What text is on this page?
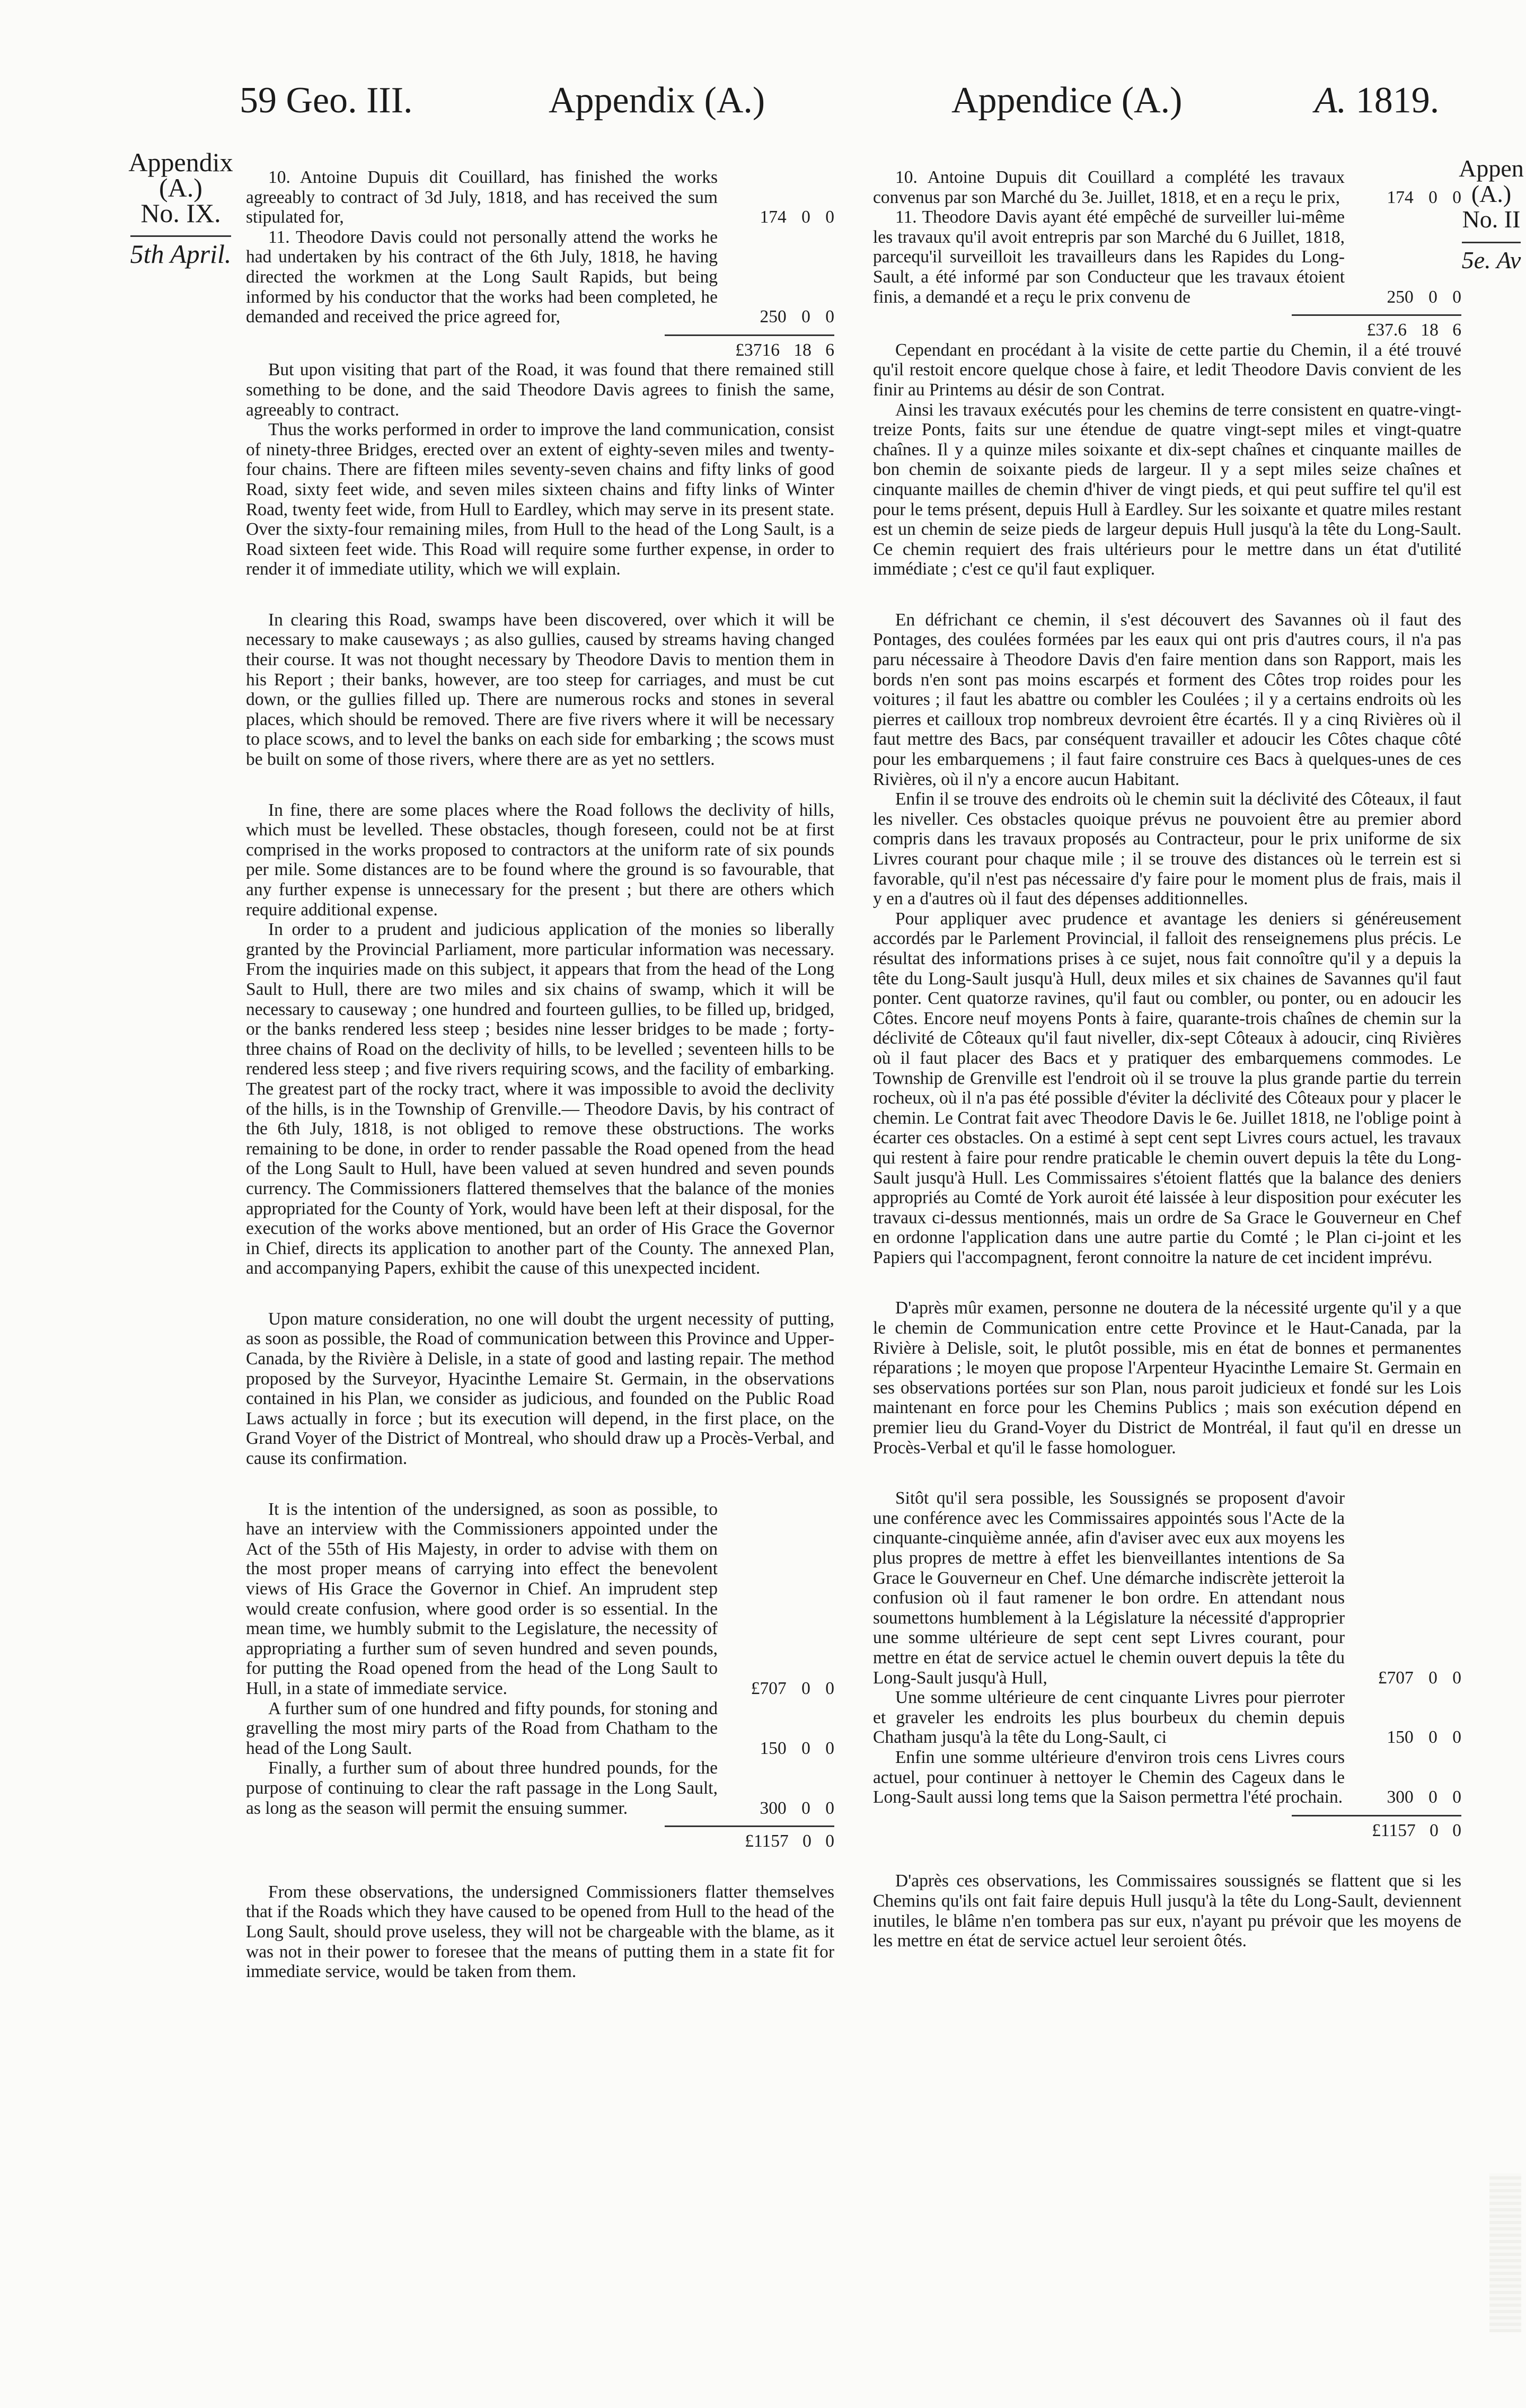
59 Geo. III.	Appendix (A.)	Appendice (A.)	A. 1819.
Appendix
(A.)
No. IX.
5th April.
Appen
(A.)
No. II
5e. Av

10. Antoine Dupuis dit Couillard, has finished the works agreeably to contract of 3d July, 1818, and has received the sum stipulated for,	174 0 0

11. Theodore Davis could not personally attend the works he had undertaken by his contract of the 6th July, 1818, he having directed the workmen at the Long Sault Rapids, but being informed by his conductor that the works had been completed, he demanded and received the price agreed for,	250 0 0
£3716 18 6

But upon visiting that part of the Road, it was found that there remained still something to be done, and the said Theodore Davis agrees to finish the same, agreeably to contract.

Thus the works performed in order to improve the land communication, consist of ninety-three Bridges, erected over an extent of eighty-seven miles and twenty-four chains. There are fifteen miles seventy-seven chains and fifty links of good Road, sixty feet wide, and seven miles sixteen chains and fifty links of Winter Road, twenty feet wide, from Hull to Eardley, which may serve in its present state. Over the sixty-four remaining miles, from Hull to the head of the Long Sault, is a Road sixteen feet wide. This Road will require some further expense, in order to render it of immediate utility, which we will explain.

In clearing this Road, swamps have been discovered, over which it will be necessary to make causeways ; as also gullies, caused by streams having changed their course. It was not thought necessary by Theodore Davis to mention them in his Report ; their banks, however, are too steep for carriages, and must be cut down, or the gullies filled up. There are numerous rocks and stones in several places, which should be removed. There are five rivers where it will be necessary to place scows, and to level the banks on each side for embarking ; the scows must be built on some of those rivers, where there are as yet no settlers.

In fine, there are some places where the Road follows the declivity of hills, which must be levelled. These obstacles, though foreseen, could not be at first comprised in the works proposed to contractors at the uniform rate of six pounds per mile. Some distances are to be found where the ground is so favourable, that any further expense is unnecessary for the present ; but there are others which require additional expense.

In order to a prudent and judicious application of the monies so liberally granted by the Provincial Parliament, more particular information was necessary. From the inquiries made on this subject, it appears that from the head of the Long Sault to Hull, there are two miles and six chains of swamp, which it will be necessary to causeway ; one hundred and fourteen gullies, to be filled up, bridged, or the banks rendered less steep ; besides nine lesser bridges to be made ; forty-three chains of Road on the declivity of hills, to be levelled ; seventeen hills to be rendered less steep ; and five rivers requiring scows, and the facility of embarking. The greatest part of the rocky tract, where it was impossible to avoid the declivity of the hills, is in the Township of Grenville.— Theodore Davis, by his contract of the 6th July, 1818, is not obliged to remove these obstructions. The works remaining to be done, in order to render passable the Road opened from the head of the Long Sault to Hull, have been valued at seven hundred and seven pounds currency. The Commissioners flattered themselves that the balance of the monies appropriated for the County of York, would have been left at their disposal, for the execution of the works above mentioned, but an order of His Grace the Governor in Chief, directs its application to another part of the County. The annexed Plan, and accompanying Papers, exhibit the cause of this unexpected incident.

Upon mature consideration, no one will doubt the urgent necessity of putting, as soon as possible, the Road of communication between this Province and Upper-Canada, by the Rivière à Delisle, in a state of good and lasting repair. The method proposed by the Surveyor, Hyacinthe Lemaire St. Germain, in the observations contained in his Plan, we consider as judicious, and founded on the Public Road Laws actually in force ; but its execution will depend, in the first place, on the Grand Voyer of the District of Montreal, who should draw up a Procès-Verbal, and cause its confirmation.

It is the intention of the undersigned, as soon as possible, to have an interview with the Commissioners appointed under the Act of the 55th of His Majesty, in order to advise with them on the most proper means of carrying into effect the benevolent views of His Grace the Governor in Chief. An imprudent step would create confusion, where good order is so essential. In the mean time, we humbly submit to the Legislature, the necessity of appropriating a further sum of seven hundred and seven pounds, for putting the Road opened from the head of the Long Sault to Hull, in a state of immediate service.	£707 0 0

A further sum of one hundred and fifty pounds, for stoning and gravelling the most miry parts of the Road from Chatham to the head of the Long Sault.	150 0 0

Finally, a further sum of about three hundred pounds, for the purpose of continuing to clear the raft passage in the Long Sault, as long as the season will permit the ensuing summer.	300 0 0
£1157 0 0

From these observations, the undersigned Commissioners flatter themselves that if the Roads which they have caused to be opened from Hull to the head of the Long Sault, should prove useless, they will not be chargeable with the blame, as it was not in their power to foresee that the means of putting them in a state fit for immediate service, would be taken from them.

10. Antoine Dupuis dit Couillard a complété les travaux convenus par son Marché du 3e. Juillet, 1818, et en a reçu le prix,	174 0 0

11. Theodore Davis ayant été empêché de surveiller lui-même les travaux qu'il avoit entrepris par son Marché du 6 Juillet, 1818, parcequ'il surveilloit les travailleurs dans les Rapides du Long-Sault, a été informé par son Conducteur que les travaux étoient finis, a demandé et a reçu le prix convenu de	250 0 0
£37.6 18 6

Cependant en procédant à la visite de cette partie du Chemin, il a été trouvé qu'il restoit encore quelque chose à faire, et ledit Theodore Davis convient de les finir au Printems au désir de son Contrat.

Ainsi les travaux exécutés pour les chemins de terre consistent en quatre-vingt-treize Ponts, faits sur une étendue de quatre vingt-sept miles et vingt-quatre chaînes. Il y a quinze miles soixante et dix-sept chaînes et cinquante mailles de bon chemin de soixante pieds de largeur. Il y a sept miles seize chaînes et cinquante mailles de chemin d'hiver de vingt pieds, et qui peut suffire tel qu'il est pour le tems présent, depuis Hull à Eardley. Sur les soixante et quatre miles restant est un chemin de seize pieds de largeur depuis Hull jusqu'à la tête du Long-Sault. Ce chemin requiert des frais ultérieurs pour le mettre dans un état d'utilité immédiate ; c'est ce qu'il faut expliquer.

En défrichant ce chemin, il s'est découvert des Savannes où il faut des Pontages, des coulées formées par les eaux qui ont pris d'autres cours, il n'a pas paru nécessaire à Theodore Davis d'en faire mention dans son Rapport, mais les bords n'en sont pas moins escarpés et forment des Côtes trop roides pour les voitures ; il faut les abattre ou combler les Coulées ; il y a certains endroits où les pierres et cailloux trop nombreux devroient être écartés. Il y a cinq Rivières où il faut mettre des Bacs, par conséquent travailler et adoucir les Côtes chaque côté pour les embarquemens ; il faut faire construire ces Bacs à quelques-unes de ces Rivières, où il n'y a encore aucun Habitant.

Enfin il se trouve des endroits où le chemin suit la déclivité des Côteaux, il faut les niveller. Ces obstacles quoique prévus ne pouvoient être au premier abord compris dans les travaux proposés au Contracteur, pour le prix uniforme de six Livres courant pour chaque mile ; il se trouve des distances où le terrein est si favorable, qu'il n'est pas nécessaire d'y faire pour le moment plus de frais, mais il y en a d'autres où il faut des dépenses additionnelles.

Pour appliquer avec prudence et avantage les deniers si généreusement accordés par le Parlement Provincial, il falloit des renseignemens plus précis. Le résultat des informations prises à ce sujet, nous fait connoître qu'il y a depuis la tête du Long-Sault jusqu'à Hull, deux miles et six chaines de Savannes qu'il faut ponter. Cent quatorze ravines, qu'il faut ou combler, ou ponter, ou en adoucir les Côtes. Encore neuf moyens Ponts à faire, quarante-trois chaînes de chemin sur la déclivité de Côteaux qu'il faut niveller, dix-sept Côteaux à adoucir, cinq Rivières où il faut placer des Bacs et y pratiquer des embarquemens commodes. Le Township de Grenville est l'endroit où il se trouve la plus grande partie du terrein rocheux, où il n'a pas été possible d'éviter la déclivité des Côteaux pour y placer le chemin. Le Contrat fait avec Theodore Davis le 6e. Juillet 1818, ne l'oblige point à écarter ces obstacles. On a estimé à sept cent sept Livres cours actuel, les travaux qui restent à faire pour rendre praticable le chemin ouvert depuis la tête du Long-Sault jusqu'à Hull. Les Commissaires s'étoient flattés que la balance des deniers appropriés au Comté de York auroit été laissée à leur disposition pour exécuter les travaux ci-dessus mentionnés, mais un ordre de Sa Grace le Gouverneur en Chef en ordonne l'application dans une autre partie du Comté ; le Plan ci-joint et les Papiers qui l'accompagnent, feront connoitre la nature de cet incident imprévu.

D'après mûr examen, personne ne doutera de la nécessité urgente qu'il y a que le chemin de Communication entre cette Province et le Haut-Canada, par la Rivière à Delisle, soit, le plutôt possible, mis en état de bonnes et permanentes réparations ; le moyen que propose l'Arpenteur Hyacinthe Lemaire St. Germain en ses observations portées sur son Plan, nous paroit judicieux et fondé sur les Lois maintenant en force pour les Chemins Publics ; mais son exécution dépend en premier lieu du Grand-Voyer du District de Montréal, il faut qu'il en dresse un Procès-Verbal et qu'il le fasse homologuer.

Sitôt qu'il sera possible, les Soussignés se proposent d'avoir une conférence avec les Commissaires appointés sous l'Acte de la cinquante-cinquième année, afin d'aviser avec eux aux moyens les plus propres de mettre à effet les bienveillantes intentions de Sa Grace le Gouverneur en Chef. Une démarche indiscrète jetteroit la confusion où il faut ramener le bon ordre. En attendant nous soumettons humblement à la Législature la nécessité d'approprier une somme ultérieure de sept cent sept Livres courant, pour mettre en état de service actuel le chemin ouvert depuis la tête du Long-Sault jusqu'à Hull,	£707 0 0

Une somme ultérieure de cent cinquante Livres pour pierroter et graveler les endroits les plus bourbeux du chemin depuis Chatham jusqu'à la tête du Long-Sault, ci	150 0 0

Enfin une somme ultérieure d'environ trois cens Livres cours actuel, pour continuer à nettoyer le Chemin des Cageux dans le Long-Sault aussi long tems que la Saison permettra l'été prochain.	300 0 0
£1157 0 0

D'après ces observations, les Commissaires soussignés se flattent que si les Chemins qu'ils ont fait faire depuis Hull jusqu'à la tête du Long-Sault, deviennent inutiles, le blâme n'en tombera pas sur eux, n'ayant pu prévoir que les moyens de les mettre en état de service actuel leur seroient ôtés.
